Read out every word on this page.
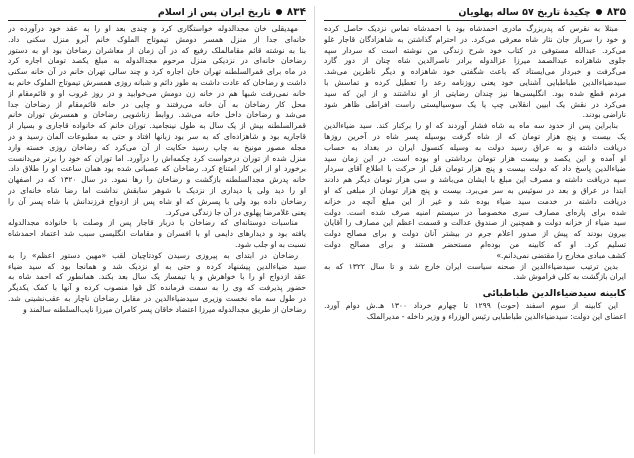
۸۳۵
چکیدهٔ تاریخ ۵۷ ساله پهلویان
مبتلا به نقرس که پدربزرگ مادری احمدشاه بود با احمدشاه تماس نزدیک حاصل کرده
و خود را سرباز جان نثار شاه معرفی می‌کرد. در احترام گذاشتن به شاهزادگان قاجار غلو
می‌کرد. عبدالله مستوفی در کتاب خود شرح زندگی من نوشته است که سردار سپه
جلوی شاهزاده عبدالصمد میرزا عزالدوله برادر ناصرالدین شاه چنان از دور گارد
می‌گرفت و خبردار می‌ایستاد که باعث شگفتی خود شاهزاده و دیگر ناظرین می‌شد.
سیدضیاءالدین طباطبایی آشنایی خود یعنی روزنامه رعد را تعطیل کرده و تماسش با
مردم قطع شده بود. انگلیسی‌ها نیز چندان رضایتی از او نداشتند و از این که سید
می‌کرد در نقش یک ابیین انقلابی چپ یا یک سوسیالیستی راست افراطی ظاهر شود
ناراضی بودند.
بنابراین پس از حدود سه ماه به شاه فشار آوردند که او را برکنار کند. سید ضیاءالدین
یک بیست و پنج هزار تومان که از شاه گرفت بوسیله پسر شاه در آخرین روزها
دریافت داشته و به عراق رسید دولت به وسیله کنسول ایران در بغداد به حساب
او آمده و این یکصد و بیست هزار تومان برداشتی او بوده است. در این زمان سید
ضیاءالدین پاسخ داد که دولت بیست و پنج هزار تومان قبل از حرکت با اطلاع آقای سردار
سپه دریافت داشته و مصرف این مبلغ با ایشان می‌باشد و سی هزار تومان دیگر هم دادند
ابتدا در عراق و بعد در سوئیس به سر می‌برد. بیست و پنج هزار تومان از مبلغی که او
دریافت داشته در خدمت سید ضیاء بوده شد و غیر از این مبلغ آنچه در خزانه
شده برای پاره‌ای مصارف سری مخصوصاً در سیستم امنیه صرف شده است. دولت
سید ضیاء از خزانه دولت و همچنین از صندوق عدالت و قسمت اعظم این مصارف را آقایان
بیرون بودند که پیش از صدور اعلام جرم در بیشتر آنان دولت و برای مصالح دولت
تسلیم کرد. او که کابینه من بوده‌ام مستحضر هستند و برای مصالح دولت
کشف مبادی مخارج را مقتضی نمی‌دانم.»
بدین ترتیب سیدضیاءالدین از صحنه سیاست ایران خارج شد و تا سال ۱۳۲۲ که به
ایران بازگشت به کلی فراموش شد.
کابینه سیدضیاءالدین طباطبائی
این کابینه از سوم اسفند (حوت) ۱۲۹۹ تا چهارم خرداد ۱۳۰۰ هـ.ش دوام آورد.
اعضای این دولت: سیدضیاءالدین طباطبایی رئیس الوزراء و وزیر داخله - مدیرالملک
۸۳۴
تاریخ ایران پس از اسلام
مهدیقلی خان مجدالدوله خواستگاری کرد و چندی بعد او را به عقد خود درآورده در
خانه‌ای جدا از منزل همسر دومش تیموتاج الملوک خانم آبرو منزل سکنی داد.
بنا به نوشته قائم مقامالملک رفیع که در آن زمان از معاشران رضاخان بود او به دستور
رضاخان خانه‌ای در نزدیکی منزل مرحوم مجدالدوله به مبلغ یکصد تومان اجاره کرد
در ماه برای قمرالسلطنه تهران خان اجاره کرد و چند سالی تهران خانم در آن خانه سکنی
داشت و رضاخان که عادت داشت به طور دائم و شبانه روزی همسرش تیموتاج الملوک خانم به
خانه نمی‌رفت شبها هم در خانه زن دومش می‌خوابید و در روز غروب او و قائم‌مقام از
محل کار رضاخان به آن خانه می‌رفتند و چایی در خانه قائم‌مقام از رضاخان جدا
می‌شد و رضاخان داخل خانه می‌شد. روابط زناشویی رضاخان و همسرش توران خانم
قمرالسلطنه بیش از یک سال به طول نینجامید. توران خانم که خانواده قاجاری و بسیار از
قاجاریه بود و شاهزاده‌ای که به سر بود زبانها افتاد و حتی به مطبوعات آلمان رسید و در
مجله مصور مونیخ به چاپ رسید حکایت از آن می‌کرد که رضاخان روزی خسته وارد
منزل شده از توران درخواست کرد چکمه‌اش را درآورد. اما توران که خود را برتر می‌دانست
برخورد او از این کار امتناع کرد. رضاخان که عصبانی شده بود همان ساعت او را طلاق داد.
خانه پدرش مجدالسلطنه بازگشت و رضاخان را رها نمود. در سال ۱۳۲۰ که در اصفهان
او را دید ولی یا دیداری از نزدیک با شوهر سابقش نداشت اما رضا شاه خانه‌ای در
رضاخان داده بود ولی با پسرش که او شاه پس از ازدواج فرزندانش با شاه پسر آن را
یعنی غلامرضا پهلوی در آن جا زندگی می‌کرد.
مناسبات دوستانه‌ای که رضاخان با دربار قاجار پس از وصلت با خانواده مجدالدوله
یافته بود و دیدارهای دایمی او با افسران و مقامات انگلیسی سبب شد اعتماد احمدشاه
نسبت به او جلب شود.
رضاخان در ابتدای به پیروزی رسیدن کودتاچیان لقب «مهین دستور اعظم» را به
سید ضیاءالدین پیشنهاد کرده و حتی به او نزدیک شد و همانجا بود که سید ضیاء
عقد ازدواج او را با خواهرش و یا تیمسار یک سال بعد بکند. همانطور که احمد شاه به
حضور پذیرفت که وی را به سمت فرمانده کل قوا منصوب کرده و آنها با کمک یکدیگر
در طول سه ماه نخست وزیری سیدضیاءالدین در مقابل رضاخان ناچار به عقب‌نشینی شد.
رضاخان از طریق مجدالدوله میرزا اعتضاد خاقان پسر کامران میرزا نایب‌السلطنه سالمند و
